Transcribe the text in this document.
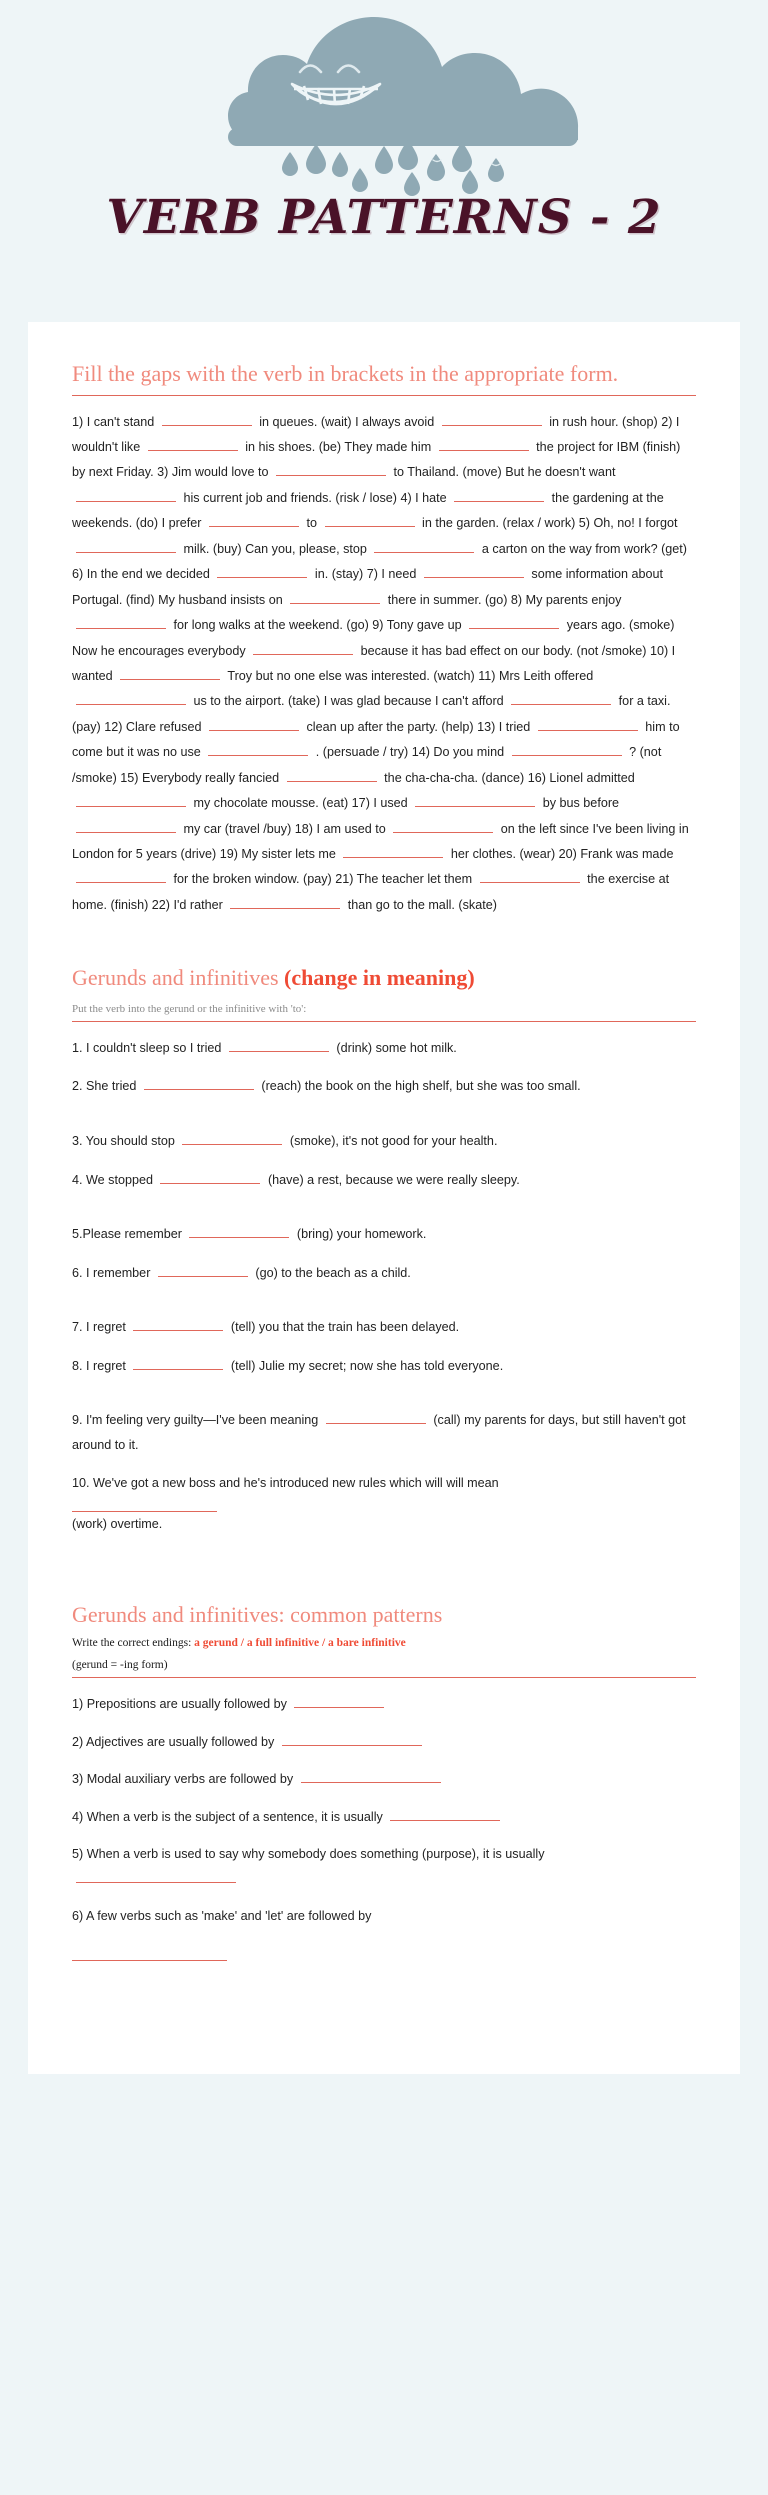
VERB PATTERNS - 2
Fill the gaps with the verb in brackets in the appropriate form.

1) I can't stand	in queues. (wait) I always avoid	in rush hour. (shop) 2) I wouldn't like	in his shoes. (be) They made him	the project for IBM (finish) by next Friday. 3) Jim would love to	to Thailand. (move) But he doesn't want  his current job and friends. (risk / lose) 4) I hate	the gardening at the weekends. (do) I prefer	to	in the garden. (relax / work) 5) Oh, no! I forgot  milk. (buy) Can you, please, stop	a carton on the way from work? (get) 6) In the end we decided	in. (stay) 7) I need	some information about Portugal. (find) My husband insists on	there in summer. (go) 8) My parents enjoy  for long walks at the weekend. (go) 9) Tony gave up	years ago. (smoke) Now he encourages everybody	because it has bad effect on our body. (not /smoke) 10) I wanted	Troy but no one else was interested. (watch) 11) Mrs Leith offered  us to the airport. (take) I was glad because I can't afford	for a taxi. (pay) 12) Clare refused	clean up after the party. (help) 13) I tried	him to come but it was no use	. (persuade / try) 14) Do you mind	? (not /smoke) 15) Everybody really fancied	the cha-cha-cha. (dance) 16) Lionel admitted  my chocolate mousse. (eat) 17) I used	by bus before  my car (travel /buy) 18) I am used to	on the left since I've been living in London for 5 years (drive) 19) My sister lets me	her clothes. (wear) 20) Frank was made  for the broken window. (pay) 21) The teacher let them	the exercise at home. (finish) 22) I'd rather	than go to the mall. (skate)

Gerunds and infinitives (change in meaning)
Put the verb into the gerund or the infinitive with 'to':

1. I couldn't sleep so I tried	(drink) some hot milk.

2. She tried	(reach) the book on the high shelf, but she was too small.

3. You should stop	(smoke), it's not good for your health.

4. We stopped	(have) a rest, because we were really sleepy.

5.Please remember	(bring) your homework.

6. I remember	(go) to the beach as a child.

7. I regret	(tell) you that the train has been delayed.

8. I regret	(tell) Julie my secret; now she has told everyone.

9. I'm feeling very guilty—I've been meaning	(call) my parents for days, but still haven't got around to it.

10. We've got a new boss and he's introduced new rules which will will mean
(work) overtime.

Gerunds and infinitives: common patterns
Write the correct endings: a gerund / a full infinitive / a bare infinitive
(gerund = -ing form)

1) Prepositions are usually followed by

2) Adjectives are usually followed by

3) Modal auxiliary verbs are followed by

4) When a verb is the subject of a sentence, it is usually

5) When a verb is used to say why somebody does something (purpose), it is usually

6) A few verbs such as 'make' and 'let' are followed by
